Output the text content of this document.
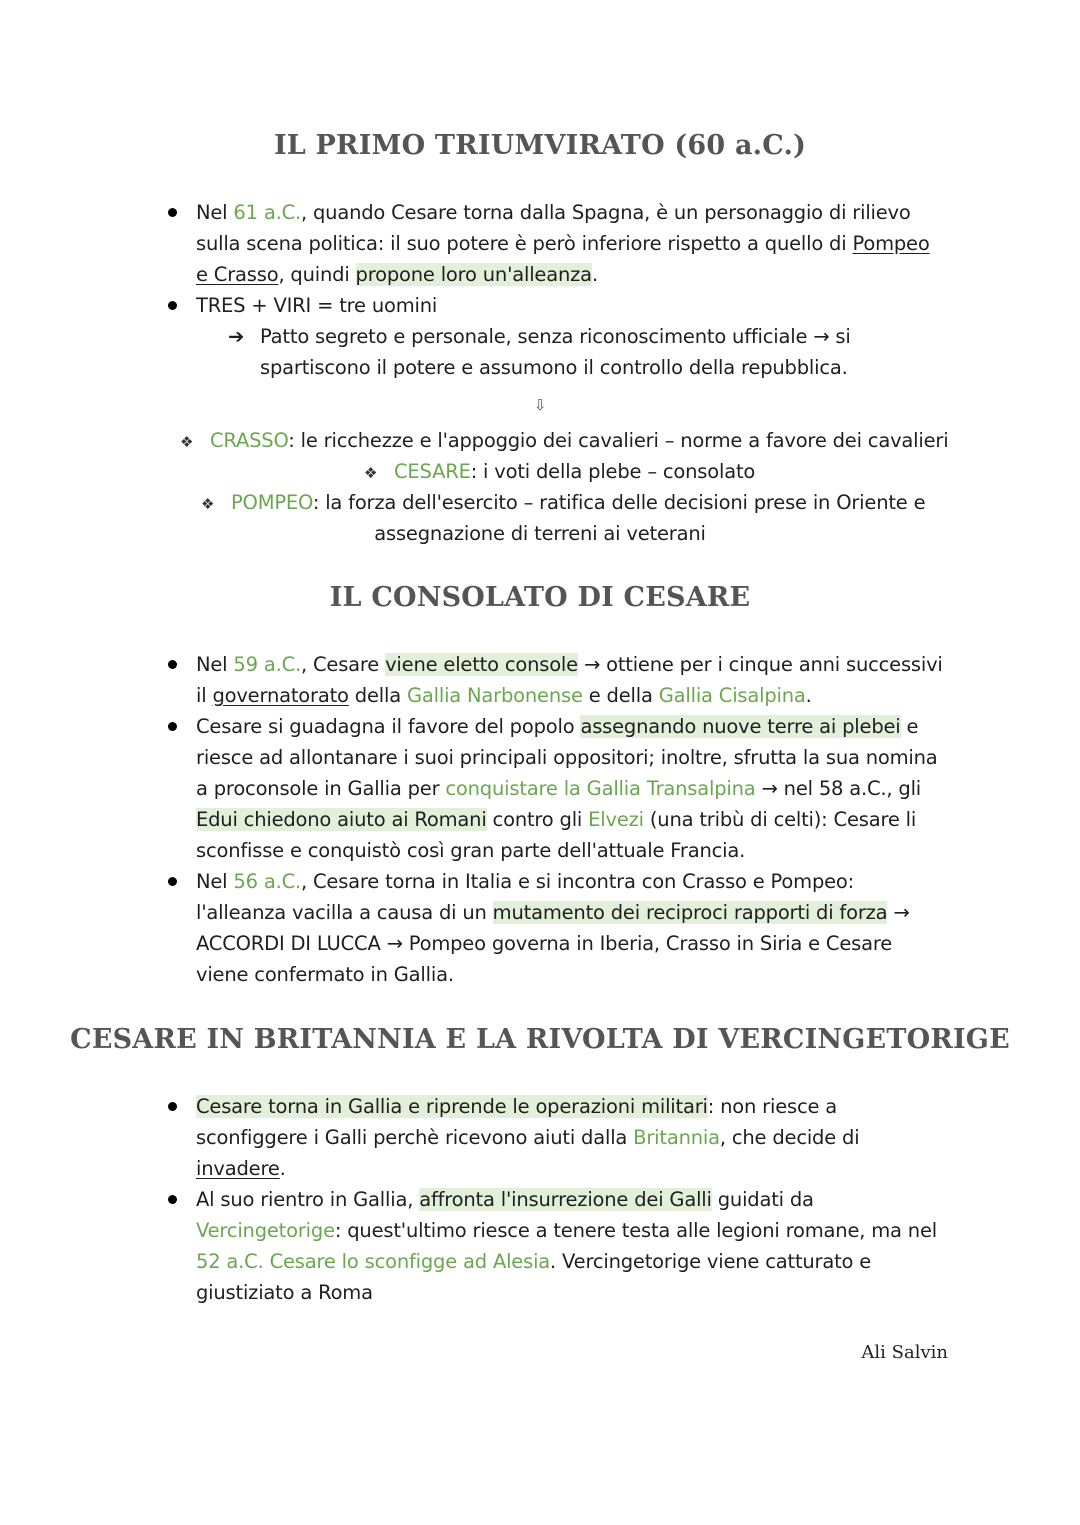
IL PRIMO TRIUMVIRATO (60 a.C.)
Nel 61 a.C., quando Cesare torna dalla Spagna, è un personaggio di rilievo sulla scena politica: il suo potere è però inferiore rispetto a quello di Pompeo e Crasso, quindi propone loro un'alleanza.
TRES + VIRI = tre uomini
➔ Patto segreto e personale, senza riconoscimento ufficiale → si spartiscono il potere e assumono il controllo della repubblica.
⇩
❖ CRASSO: le ricchezze e l'appoggio dei cavalieri – norme a favore dei cavalieri
❖ CESARE: i voti della plebe – consolato
❖ POMPEO: la forza dell'esercito – ratifica delle decisioni prese in Oriente e
assegnazione di terreni ai veterani
IL CONSOLATO DI CESARE
Nel 59 a.C., Cesare viene eletto console → ottiene per i cinque anni successivi il governatorato della Gallia Narbonense e della Gallia Cisalpina.
Cesare si guadagna il favore del popolo assegnando nuove terre ai plebei e riesce ad allontanare i suoi principali oppositori; inoltre, sfrutta la sua nomina a proconsole in Gallia per conquistare la Gallia Transalpina → nel 58 a.C., gli Edui chiedono aiuto ai Romani contro gli Elvezi (una tribù di celti): Cesare li sconfisse e conquistò così gran parte dell'attuale Francia.
Nel 56 a.C., Cesare torna in Italia e si incontra con Crasso e Pompeo: l'alleanza vacilla a causa di un mutamento dei reciproci rapporti di forza → ACCORDI DI LUCCA → Pompeo governa in Iberia, Crasso in Siria e Cesare viene confermato in Gallia.
CESARE IN BRITANNIA E LA RIVOLTA DI VERCINGETORIGE
Cesare torna in Gallia e riprende le operazioni militari: non riesce a sconfiggere i Galli perchè ricevono aiuti dalla Britannia, che decide di invadere.
Al suo rientro in Gallia, affronta l'insurrezione dei Galli guidati da Vercingetorige: quest'ultimo riesce a tenere testa alle legioni romane, ma nel 52 a.C. Cesare lo sconfigge ad Alesia. Vercingetorige viene catturato e giustiziato a Roma
Ali Salvin
